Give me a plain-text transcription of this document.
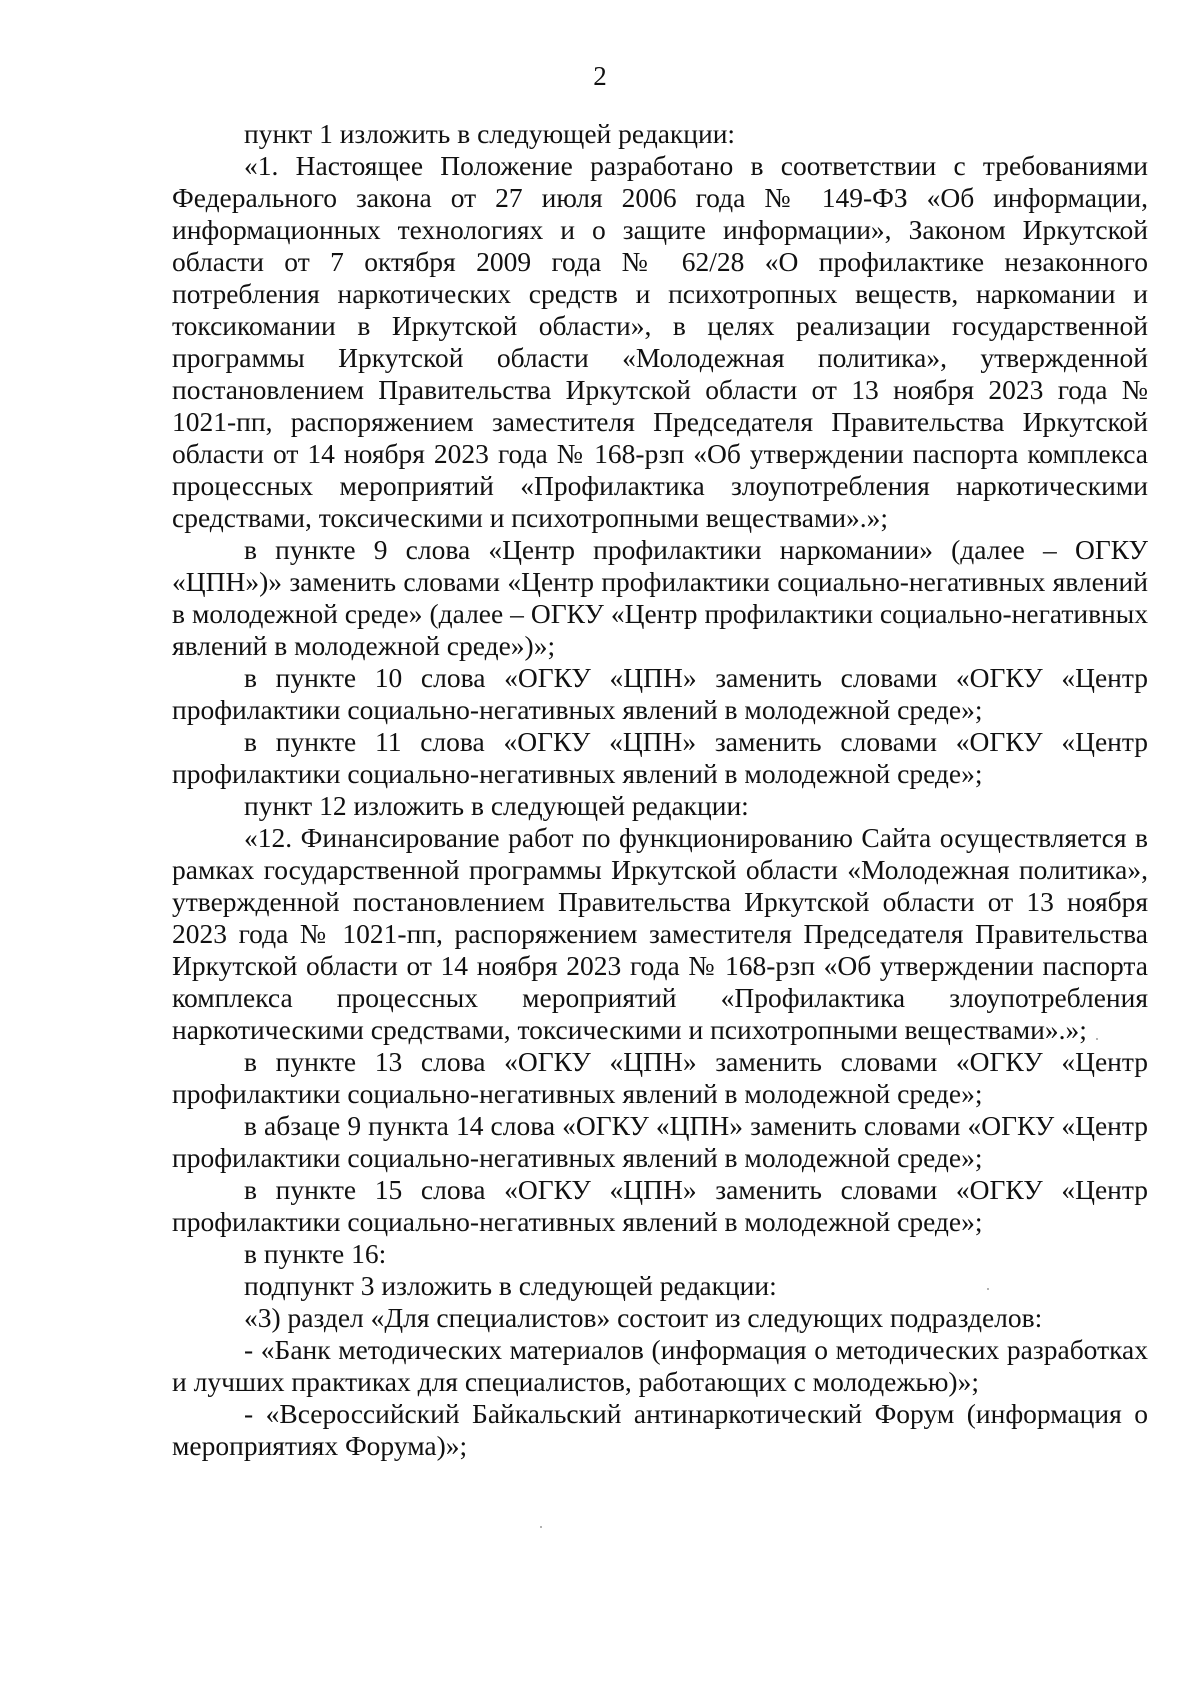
2

пункт 1 изложить в следующей редакции:

«1. Настоящее Положение разработано в соответствии с требованиями Федерального закона от 27 июля 2006 года № 149-ФЗ «Об информации, информационных технологиях и о защите информации», Законом Иркутской области от 7 октября 2009 года № 62/28 «О профилактике незаконного потребления наркотических средств и психотропных веществ, наркомании и токсикомании в Иркутской области», в целях реализации государственной программы Иркутской области «Молодежная политика», утвержденной постановлением Правительства Иркутской области от 13 ноября 2023 года № 1021-пп, распоряжением заместителя Председателя Правительства Иркутской области от 14 ноября 2023 года № 168-рзп «Об утверждении паспорта комплекса процессных мероприятий «Профилактика злоупотребления наркотическими средствами, токсическими и психотропными веществами».»;

в пункте 9 слова «Центр профилактики наркомании» (далее – ОГКУ «ЦПН»)» заменить словами «Центр профилактики социально-негативных явлений в молодежной среде» (далее – ОГКУ «Центр профилактики социально-негативных явлений в молодежной среде»)»;

в пункте 10 слова «ОГКУ «ЦПН» заменить словами «ОГКУ «Центр профилактики социально-негативных явлений в молодежной среде»;

в пункте 11 слова «ОГКУ «ЦПН» заменить словами «ОГКУ «Центр профилактики социально-негативных явлений в молодежной среде»;

пункт 12 изложить в следующей редакции:

«12. Финансирование работ по функционированию Сайта осуществляется в рамках государственной программы Иркутской области «Молодежная политика», утвержденной постановлением Правительства Иркутской области от 13 ноября 2023 года № 1021-пп, распоряжением заместителя Председателя Правительства Иркутской области от 14 ноября 2023 года № 168-рзп «Об утверждении паспорта комплекса процессных мероприятий «Профилактика злоупотребления наркотическими средствами, токсическими и психотропными веществами».»;

в пункте 13 слова «ОГКУ «ЦПН» заменить словами «ОГКУ «Центр профилактики социально-негативных явлений в молодежной среде»;

в абзаце 9 пункта 14 слова «ОГКУ «ЦПН» заменить словами «ОГКУ «Центр профилактики социально-негативных явлений в молодежной среде»;

в пункте 15 слова «ОГКУ «ЦПН» заменить словами «ОГКУ «Центр профилактики социально-негативных явлений в молодежной среде»;

в пункте 16:

подпункт 3 изложить в следующей редакции:

«3) раздел «Для специалистов» состоит из следующих подразделов:

- «Банк методических материалов (информация о методических разработках и лучших практиках для специалистов, работающих с молодежью)»;

- «Всероссийский Байкальский антинаркотический Форум (информация о мероприятиях Форума)»;
